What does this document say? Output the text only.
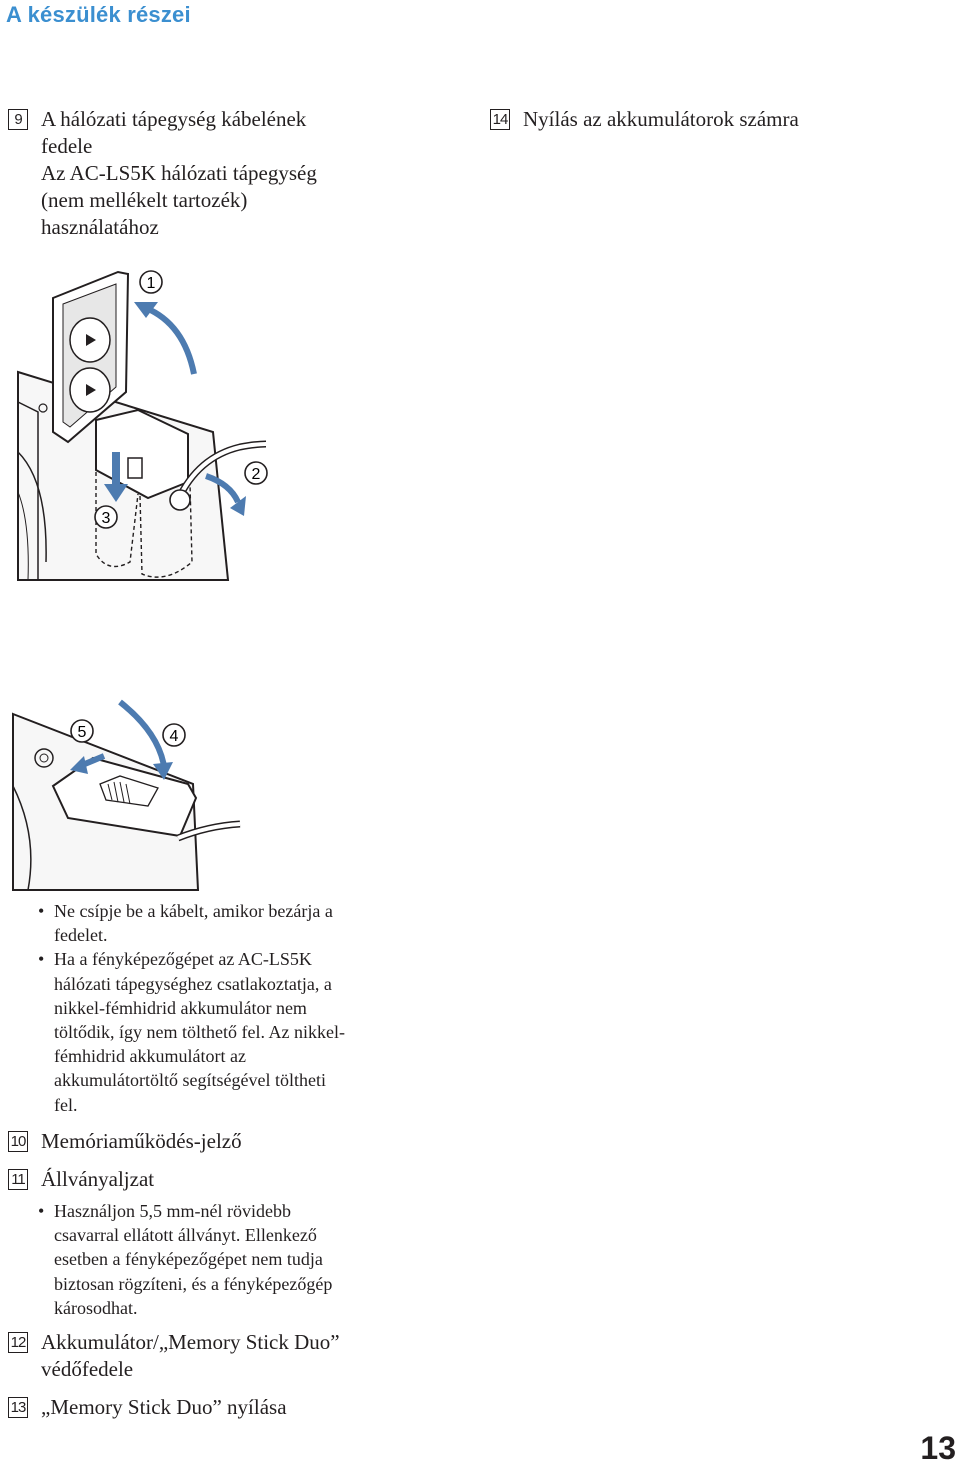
A készülék részei
9 A hálózati tápegység kábelének
fedele
Az AC-LS5K hálózati tápegység
(nem mellékelt tartozék)
használatához
14 Nyílás az akkumulátorok számra
1
2
3
5	4
• Ne csípje be a kábelt, amikor bezárja a
fedelet.
• Ha a fényképezőgépet az AC-LS5K
hálózati tápegységhez csatlakoztatja, a
nikkel-fémhidrid akkumulátor nem
töltődik, így nem tölthető fel. Az nikkel-
fémhidrid akkumulátort az
akkumulátortöltő segítségével töltheti
fel.
10 Memóriaműködés-jelző
11 Állványaljzat
• Használjon 5,5 mm-nél rövidebb
csavarral ellátott állványt. Ellenkező
esetben a fényképezőgépet nem tudja
biztosan rögzíteni, és a fényképezőgép
károsodhat.
12 Akkumulátor/„Memory Stick Duo”
védőfedele
13 „Memory Stick Duo” nyílása
13
